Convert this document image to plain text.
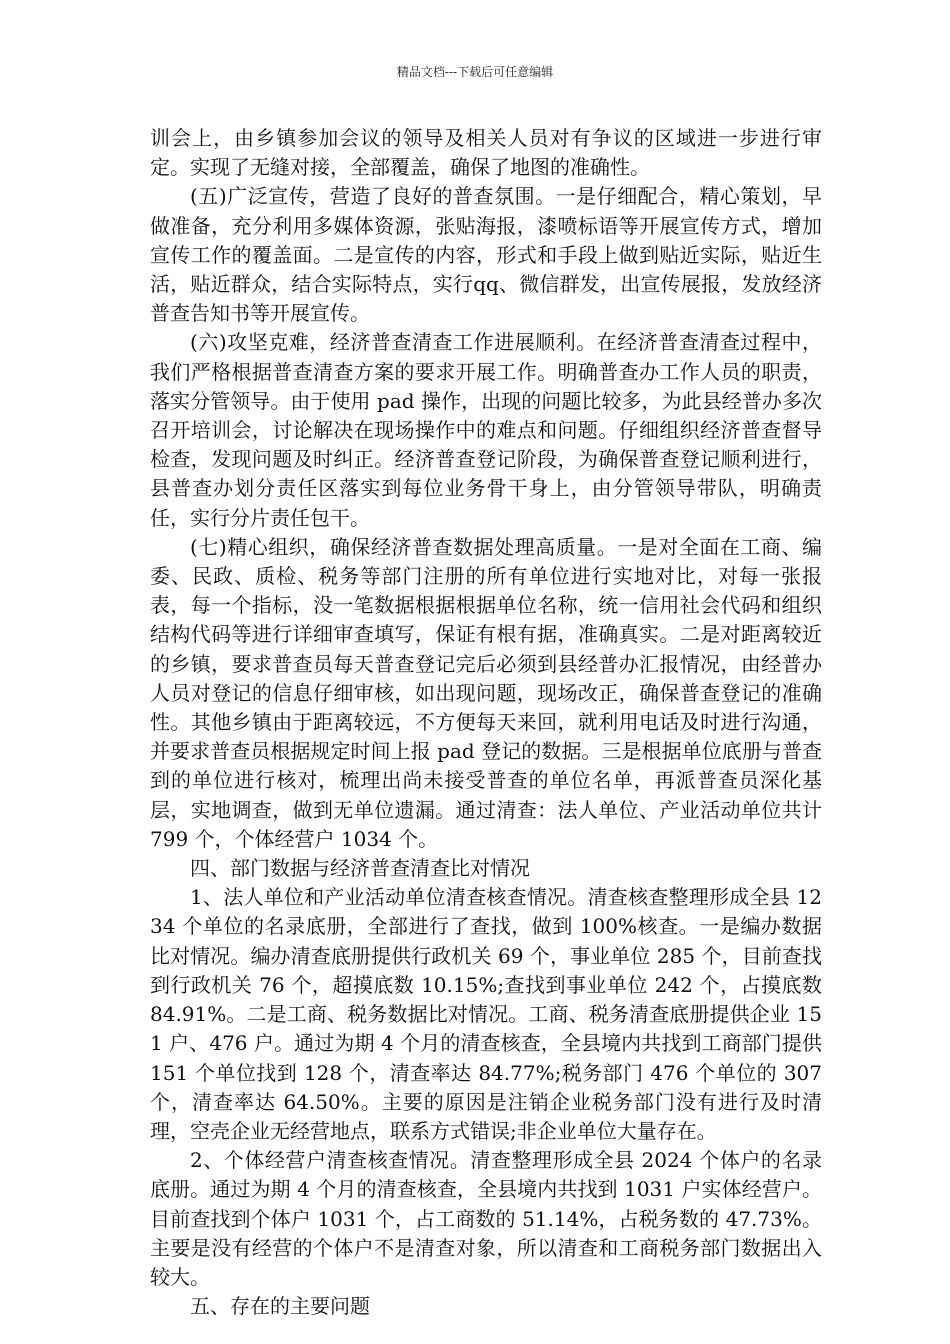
精品文档---下载后可任意编辑

训会上，由乡镇参加会议的领导及相关人员对有争议的区域进一步进行审定。实现了无缝对接，全部覆盖，确保了地图的准确性。

(五)广泛宣传，营造了良好的普查氛围。一是仔细配合，精心策划，早做准备，充分利用多媒体资源，张贴海报，漆喷标语等开展宣传方式，增加宣传工作的覆盖面。二是宣传的内容，形式和手段上做到贴近实际，贴近生活，贴近群众，结合实际特点，实行qq、微信群发，出宣传展报，发放经济普查告知书等开展宣传。

(六)攻坚克难，经济普查清查工作进展顺利。在经济普查清查过程中，我们严格根据普查清查方案的要求开展工作。明确普查办工作人员的职责，落实分管领导。由于使用 pad 操作，出现的问题比较多，为此县经普办多次召开培训会，讨论解决在现场操作中的难点和问题。仔细组织经济普查督导检查，发现问题及时纠正。经济普查登记阶段，为确保普查登记顺利进行，县普查办划分责任区落实到每位业务骨干身上，由分管领导带队，明确责任，实行分片责任包干。

(七)精心组织，确保经济普查数据处理高质量。一是对全面在工商、编委、民政、质检、税务等部门注册的所有单位进行实地对比，对每一张报表，每一个指标，没一笔数据根据根据单位名称，统一信用社会代码和组织结构代码等进行详细审查填写，保证有根有据，准确真实。二是对距离较近的乡镇，要求普查员每天普查登记完后必须到县经普办汇报情况，由经普办人员对登记的信息仔细审核，如出现问题，现场改正，确保普查登记的准确性。其他乡镇由于距离较远，不方便每天来回，就利用电话及时进行沟通，并要求普查员根据规定时间上报 pad 登记的数据。三是根据单位底册与普查到的单位进行核对，梳理出尚未接受普查的单位名单，再派普查员深化基层，实地调查，做到无单位遗漏。通过清查：法人单位、产业活动单位共计 799 个，个体经营户 1034 个。

四、部门数据与经济普查清查比对情况

1、法人单位和产业活动单位清查核查情况。清查核查整理形成全县 1234 个单位的名录底册，全部进行了查找，做到 100%核查。一是编办数据比对情况。编办清查底册提供行政机关 69 个，事业单位 285 个，目前查找到行政机关 76 个，超摸底数 10.15%;查找到事业单位 242 个，占摸底数 84.91%。二是工商、税务数据比对情况。工商、税务清查底册提供企业 151 户、476 户。通过为期 4 个月的清查核查，全县境内共找到工商部门提供 151 个单位找到 128 个，清查率达 84.77%;税务部门 476 个单位的 307 个，清查率达 64.50%。主要的原因是注销企业税务部门没有进行及时清理，空壳企业无经营地点，联系方式错误;非企业单位大量存在。

2、个体经营户清查核查情况。清查整理形成全县 2024 个体户的名录底册。通过为期 4 个月的清查核查，全县境内共找到 1031 户实体经营户。目前查找到个体户 1031 个，占工商数的 51.14%，占税务数的 47.73%。主要是没有经营的个体户不是清查对象，所以清查和工商税务部门数据出入较大。

五、存在的主要问题
